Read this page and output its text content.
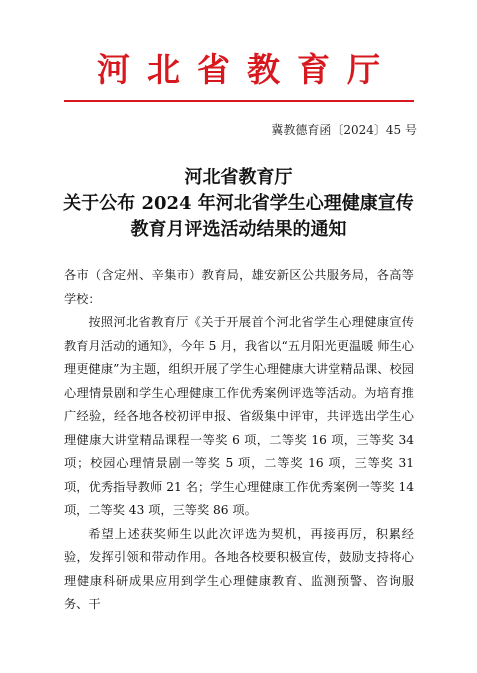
河北省教育厅
冀教德育函〔2024〕45 号
河北省教育厅
关于公布 2024 年河北省学生心理健康宣传
教育月评选活动结果的通知

各市（含定州、辛集市）教育局，雄安新区公共服务局，各高等学校：

按照河北省教育厅《关于开展首个河北省学生心理健康宣传教育月活动的通知》，今年 5 月，我省以“五月阳光更温暖 师生心理更健康”为主题，组织开展了学生心理健康大讲堂精品课、校园心理情景剧和学生心理健康工作优秀案例评选等活动。为培育推广经验，经各地各校初评申报、省级集中评审，共评选出学生心理健康大讲堂精品课程一等奖 6 项，二等奖 16 项，三等奖 34 项；校园心理情景剧一等奖 5 项，二等奖 16 项，三等奖 31 项，优秀指导教师 21 名；学生心理健康工作优秀案例一等奖 14 项，二等奖 43 项，三等奖 86 项。

希望上述获奖师生以此次评选为契机，再接再厉，积累经验，发挥引领和带动作用。各地各校要积极宣传，鼓励支持将心理健康科研成果应用到学生心理健康教育、监测预警、咨询服务、干
